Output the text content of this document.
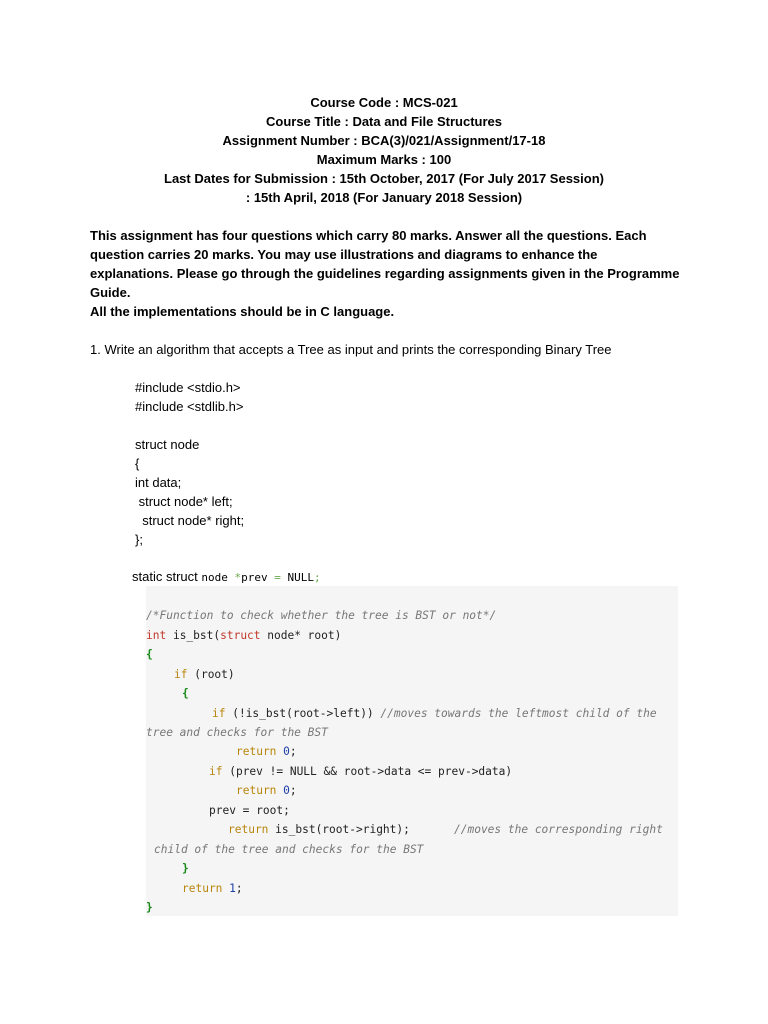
Course Code : MCS-021
Course Title : Data and File Structures
Assignment Number : BCA(3)/021/Assignment/17-18
Maximum Marks : 100
Last Dates for Submission : 15th October, 2017 (For July 2017 Session)
: 15th April, 2018 (For January 2018 Session)

This assignment has four questions which carry 80 marks. Answer all the questions. Each question carries 20 marks. You may use illustrations and diagrams to enhance the explanations. Please go through the guidelines regarding assignments given in the Programme Guide.

All the implementations should be in C language.

1. Write an algorithm that accepts a Tree as input and prints the corresponding Binary Tree

#include <stdio.h>
#include <stdlib.h>
struct node
{
int data;
struct node* left;
struct node* right;
};
static struct node *prev = NULL;
/*Function to check whether the tree is BST or not*/
int is_bst(struct node* root)
{
if (root)
{
if (!is_bst(root->left)) //moves towards the leftmost child of the
tree and checks for the BST
return 0;
if (prev != NULL && root->data <= prev->data)
return 0;
prev = root;
return is_bst(root->right);	//moves the corresponding right
child of the tree and checks for the BST
}
return 1;
}
